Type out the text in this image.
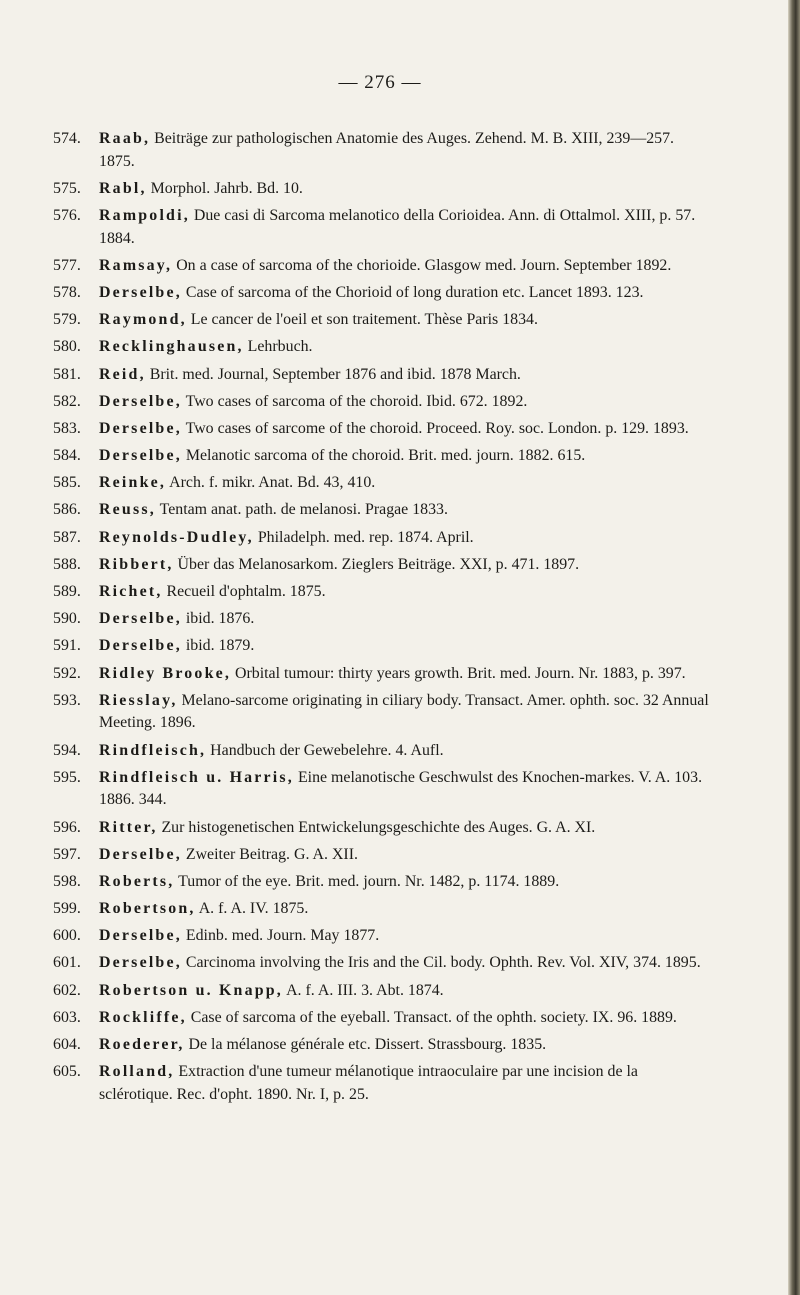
— 276 —
574. Raab, Beiträge zur pathologischen Anatomie des Auges. Zehend. M. B. XIII, 239—257. 1875.
575. Rabl, Morphol. Jahrb. Bd. 10.
576. Rampoldi, Due casi di Sarcoma melanotico della Corioidea. Ann. di Ottalmol. XIII, p. 57. 1884.
577. Ramsay, On a case of sarcoma of the chorioide. Glasgow med. Journ. September 1892.
578. Derselbe, Case of sarcoma of the Chorioid of long duration etc. Lancet 1893. 123.
579. Raymond, Le cancer de l'oeil et son traitement. Thèse Paris 1834.
580. Recklinghausen, Lehrbuch.
581. Reid, Brit. med. Journal, September 1876 and ibid. 1878 March.
582. Derselbe, Two cases of sarcoma of the choroid. Ibid. 672. 1892.
583. Derselbe, Two cases of sarcome of the choroid. Proceed. Roy. soc. London. p. 129. 1893.
584. Derselbe, Melanotic sarcoma of the choroid. Brit. med. journ. 1882. 615.
585. Reinke, Arch. f. mikr. Anat. Bd. 43, 410.
586. Reuss, Tentam anat. path. de melanosi. Pragae 1833.
587. Reynolds-Dudley, Philadelph. med. rep. 1874. April.
588. Ribbert, Über das Melanosarkom. Zieglers Beiträge. XXI, p. 471. 1897.
589. Richet, Recueil d'ophtalm. 1875.
590. Derselbe, ibid. 1876.
591. Derselbe, ibid. 1879.
592. Ridley Brooke, Orbital tumour: thirty years growth. Brit. med. Journ. Nr. 1883, p. 397.
593. Riesslay, Melano-sarcome originating in ciliary body. Transact. Amer. ophth. soc. 32 Annual Meeting. 1896.
594. Rindfleisch, Handbuch der Gewebelehre. 4. Aufl.
595. Rindfleisch u. Harris, Eine melanotische Geschwulst des Knochen-markes. V. A. 103. 1886. 344.
596. Ritter, Zur histogenetischen Entwickelungsgeschichte des Auges. G. A. XI.
597. Derselbe, Zweiter Beitrag. G. A. XII.
598. Roberts, Tumor of the eye. Brit. med. journ. Nr. 1482, p. 1174. 1889.
599. Robertson, A. f. A. IV. 1875.
600. Derselbe, Edinb. med. Journ. May 1877.
601. Derselbe, Carcinoma involving the Iris and the Cil. body. Ophth. Rev. Vol. XIV, 374. 1895.
602. Robertson u. Knapp, A. f. A. III. 3. Abt. 1874.
603. Rockliffe, Case of sarcoma of the eyeball. Transact. of the ophth. society. IX. 96. 1889.
604. Roederer, De la mélanose générale etc. Dissert. Strassbourg. 1835.
605. Rolland, Extraction d'une tumeur mélanotique intraoculaire par une incision de la sclérotique. Rec. d'opht. 1890. Nr. I, p. 25.
